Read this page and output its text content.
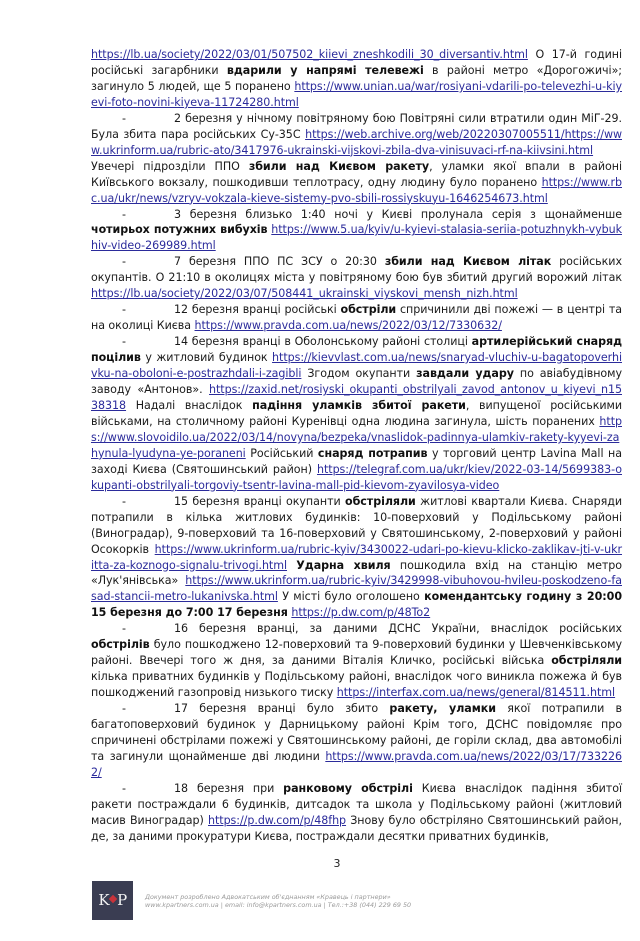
https://lb.ua/society/2022/03/01/507502_kiievi_zneshkodili_30_diversantiv.html О 17-й годині російські загарбники вдарили у напрямі телевежі в районі метро «Дорогожичі»; загинуло 5 людей, ще 5 поранено https://www.unian.ua/war/rosiyani-vdarili-po-televezhi-u-kiyevi-foto-novini-kiyeva-11724280.html

-	2 березня у нічному повітряному бою Повітряні сили втратили один МіГ-29. Була збита пара російських Су-35С https://web.archive.org/web/20220307005511/https://www.ukrinform.ua/rubric-ato/3417976-ukrainski-vijskovi-zbila-dva-vinisuvaci-rf-na-kiivsini.html Увечері підрозділи ППО збили над Києвом ракету, уламки якої впали в районі Київського вокзалу, пошкодивши теплотрасу, одну людину було поранено https://www.rbc.ua/ukr/news/vzryv-vokzala-kieve-sistemy-pvo-sbili-rossiyskuyu-1646254673.html

-	3 березня близько 1:40 ночі у Києві пролунала серія з щонайменше чотирьох потужних вибухів https://www.5.ua/kyiv/u-kyievi-stalasia-seriia-potuzhnykh-vybukhiv-video-269989.html

-	7 березня ППО ПС ЗСУ о 20:30 збили над Києвом літак російських окупантів. О 21:10 в околицях міста у повітряному бою був збитий другий ворожий літак https://lb.ua/society/2022/03/07/508441_ukrainski_viyskovi_mensh_nizh.html

-	12 березня вранці російські обстріли спричинили дві пожежі — в центрі та на околиці Києва https://www.pravda.com.ua/news/2022/03/12/7330632/

-	14 березня вранці в Оболонському районі столиці артилерійський снаряд поцілив у житловий будинок https://kievvlast.com.ua/news/snaryad-vluchiv-u-bagatopoverhivku-na-oboloni-e-postrazhdali-i-zagibli Згодом окупанти завдали удару по авіабудівному заводу «Антонов». https://zaxid.net/rosiyski_okupanti_obstrilyali_zavod_antonov_u_kiyevi_n1538318 Надалі внаслідок падіння уламків збитої ракети, випущеної російськими військами, на столичному районі Куренівці одна людина загинула, шість поранених https://www.slovoidilo.ua/2022/03/14/novyna/bezpeka/vnaslidok-padinnya-ulamkiv-rakety-kyyevi-zahynula-lyudyna-ye-poraneni Російський снаряд потрапив у торговий центр Lavina Mall на заході Києва (Святошинський район) https://telegraf.com.ua/ukr/kiev/2022-03-14/5699383-okupanti-obstrilyali-torgoviy-tsentr-lavina-mall-pid-kievom-zyavilosya-video

-	15 березня вранці окупанти обстріляли житлові квартали Києва. Снаряди потрапили в кілька житлових будинків: 10-поверховий у Подільському районі (Виноградар), 9-поверховий та 16-поверховий у Святошинському, 2-поверховий у районі Осокорків https://www.ukrinform.ua/rubric-kyiv/3430022-udari-po-kievu-klicko-zaklikav-jti-v-ukritta-za-koznogo-signalu-trivogi.html Ударна хвиля пошкодила вхід на станцію метро «Лук'янівська» https://www.ukrinform.ua/rubric-kyiv/3429998-vibuhovou-hvileu-poskodzeno-fasad-stancii-metro-lukanivska.html У місті було оголошено комендантську годину з 20:00 15 березня до 7:00 17 березня https://p.dw.com/p/48To2

-	16 березня вранці, за даними ДСНС України, внаслідок російських обстрілів було пошкоджено 12-поверховий та 9-поверховий будинки у Шевченківському районі. Ввечері того ж дня, за даними Віталія Кличко, російські війська обстріляли кілька приватних будинків у Подільському районі, внаслідок чого виникла пожежа й був пошкоджений газопровід низького тиску https://interfax.com.ua/news/general/814511.html

-	17 березня вранці було збито ракету, уламки якої потрапили в багатоповерховий будинок у Дарницькому районі Крім того, ДСНС повідомляє про спричинені обстрілами пожежі у Святошинському районі, де горіли склад, два автомобілі та загинули щонайменше дві людини https://www.pravda.com.ua/news/2022/03/17/7332262/

-	18 березня при ранковому обстрілі Києва внаслідок падіння збитої ракети постраждали 6 будинків, дитсадок та школа у Подільському районі (житловий масив Виноградар) https://p.dw.com/p/48fhp Знову було обстріляно Святошинський район, де, за даними прокуратури Києва, постраждали десятки приватних будинків,

3
K P	Документ розроблено Адвокатським об'єднанням «Кравець і партнери»
www.kpartners.com.ua | email: info@kpartners.com.ua | Тел.:+38 (044) 229 69 50
